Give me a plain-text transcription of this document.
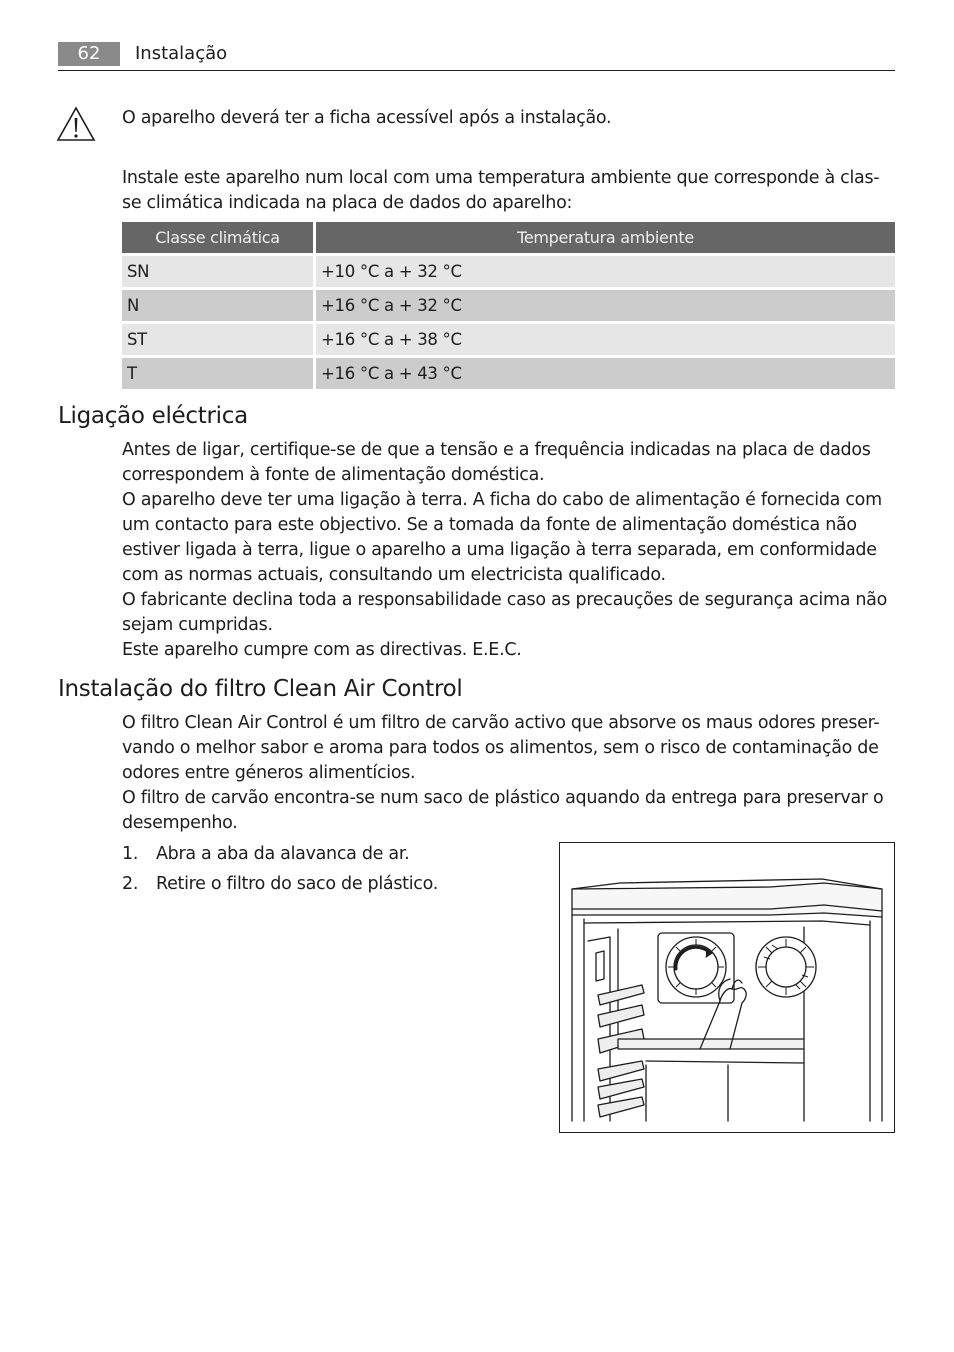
62	Instalação
O aparelho deverá ter a ficha acessível após a instalação.

Instale este aparelho num local com uma temperatura ambiente que corresponde à clas-

se climática indicada na placa de dados do aparelho:

Classe climática	Temperatura ambiente
SN	+10 °C a + 32 °C
N	+16 °C a + 32 °C
ST	+16 °C a + 38 °C
T	+16 °C a + 43 °C
Ligação eléctrica

Antes de ligar, certifique-se de que a tensão e a frequência indicadas na placa de dados

correspondem à fonte de alimentação doméstica.

O aparelho deve ter uma ligação à terra. A ficha do cabo de alimentação é fornecida com

um contacto para este objectivo. Se a tomada da fonte de alimentação doméstica não

estiver ligada à terra, ligue o aparelho a uma ligação à terra separada, em conformidade

com as normas actuais, consultando um electricista qualificado.

O fabricante declina toda a responsabilidade caso as precauções de segurança acima não

sejam cumpridas.

Este aparelho cumpre com as directivas. E.E.C.

Instalação do filtro Clean Air Control

O filtro Clean Air Control é um filtro de carvão activo que absorve os maus odores preser-

vando o melhor sabor e aroma para todos os alimentos, sem o risco de contaminação de

odores entre géneros alimentícios.

O filtro de carvão encontra-se num saco de plástico aquando da entrega para preservar o

desempenho.

1. Abra a aba da alavanca de ar.
2. Retire o filtro do saco de plástico.
